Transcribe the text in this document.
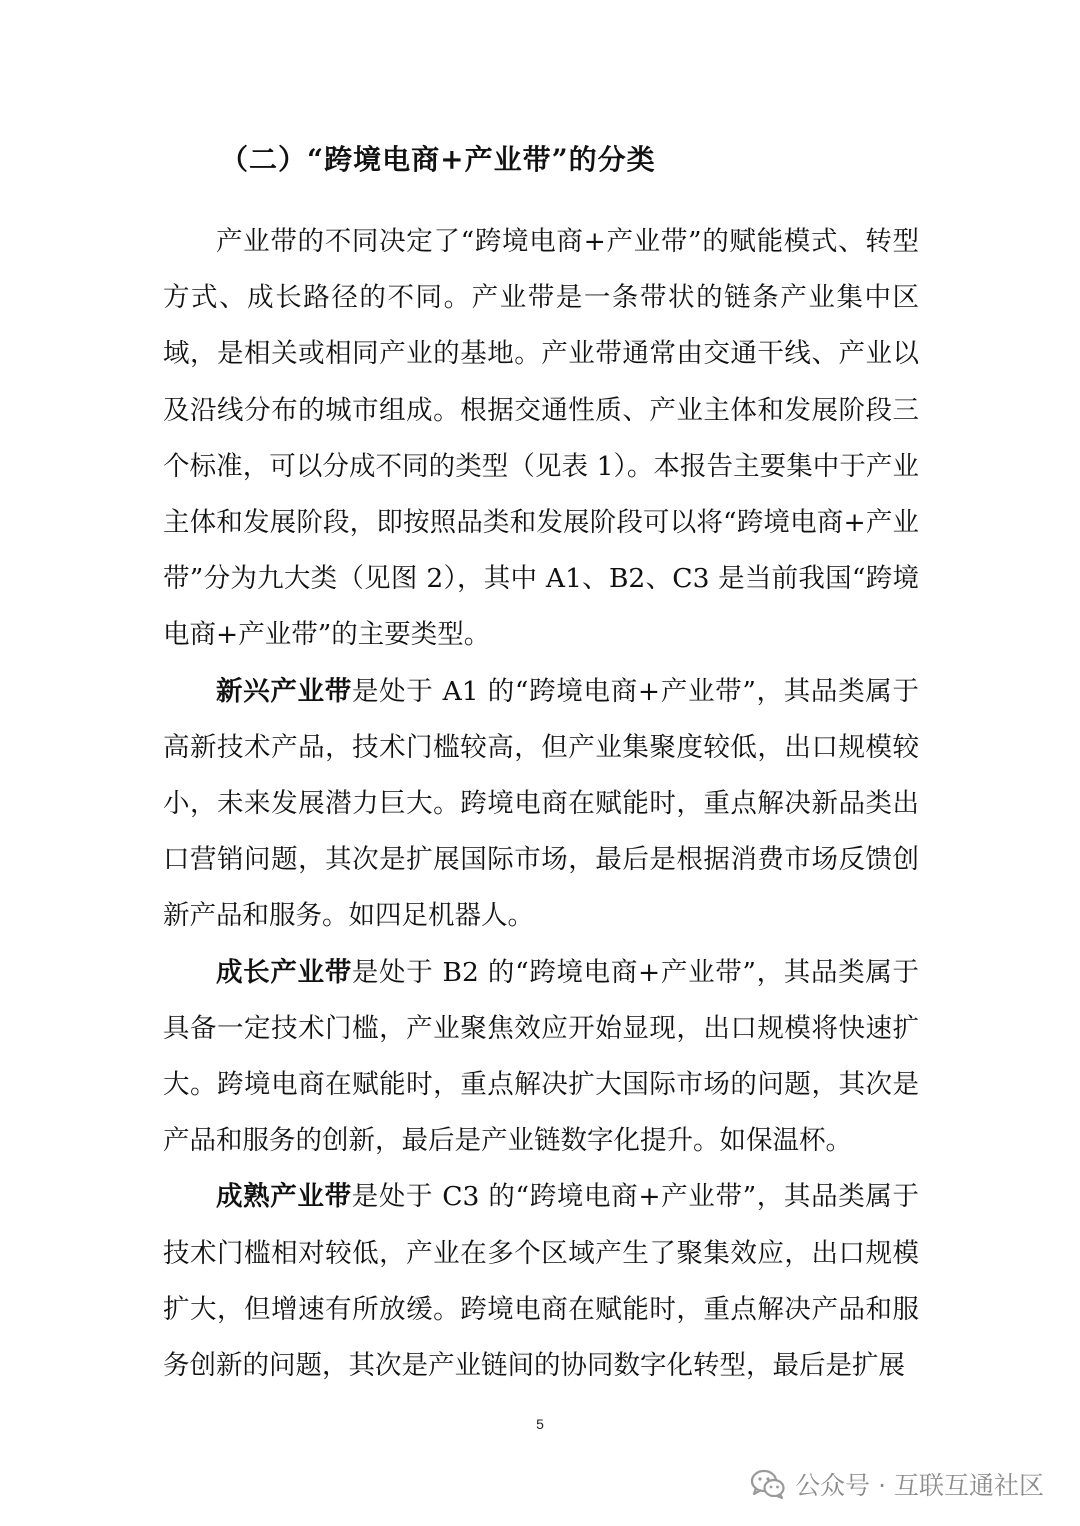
（二）“跨境电商+产业带”的分类

产业带的不同决定了“跨境电商+产业带”的赋能模式、转型方式、成长路径的不同。产业带是一条带状的链条产业集中区域，是相关或相同产业的基地。产业带通常由交通干线、产业以及沿线分布的城市组成。根据交通性质、产业主体和发展阶段三个标准，可以分成不同的类型（见表 1）。本报告主要集中于产业主体和发展阶段，即按照品类和发展阶段可以将“跨境电商+产业带”分为九大类（见图 2），其中 A1、B2、C3 是当前我国“跨境电商+产业带”的主要类型。

新兴产业带是处于 A1 的“跨境电商+产业带”，其品类属于高新技术产品，技术门槛较高，但产业集聚度较低，出口规模较小，未来发展潜力巨大。跨境电商在赋能时，重点解决新品类出口营销问题，其次是扩展国际市场，最后是根据消费市场反馈创新产品和服务。如四足机器人。

成长产业带是处于 B2 的“跨境电商+产业带”，其品类属于具备一定技术门槛，产业聚焦效应开始显现，出口规模将快速扩大。跨境电商在赋能时，重点解决扩大国际市场的问题，其次是产品和服务的创新，最后是产业链数字化提升。如保温杯。

成熟产业带是处于 C3 的“跨境电商+产业带”，其品类属于技术门槛相对较低，产业在多个区域产生了聚集效应，出口规模扩大，但增速有所放缓。跨境电商在赋能时，重点解决产品和服务创新的问题，其次是产业链间的协同数字化转型，最后是扩展

5
公众号 · 互联互通社区
